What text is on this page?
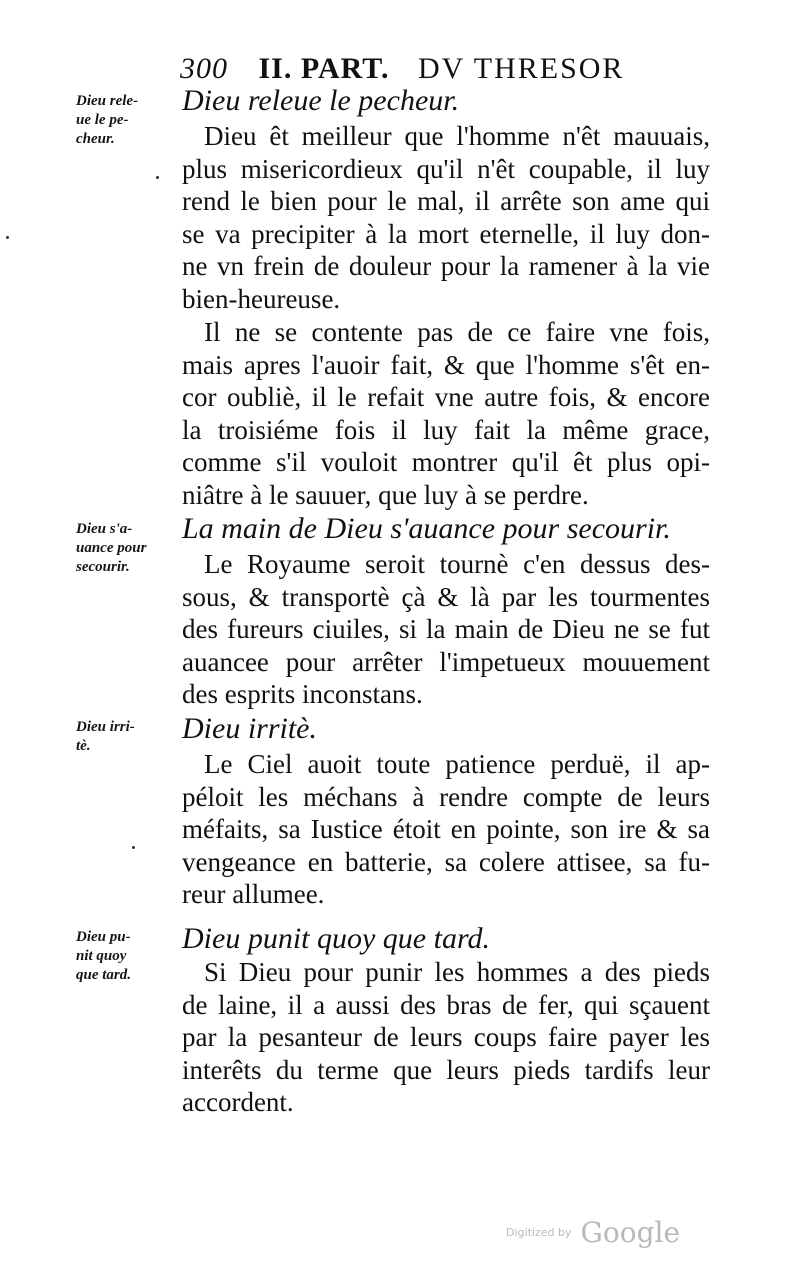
300 II. PART. DV THRESOR
Dieu rele-
ue le pe-
cheur.
Dieu releue le pecheur.
Dieu êt meilleur que l'homme n'êt mauuais,
plus misericordieux qu'il n'êt coupable, il luy
rend le bien pour le mal, il arrête son ame qui
se va precipiter à la mort eternelle, il luy don-
ne vn frein de douleur pour la ramener à la vie
bien-heureuse.
Il ne se contente pas de ce faire vne fois,
mais apres l'auoir fait, & que l'homme s'êt en-
cor oubliè, il le refait vne autre fois, & encore
la troisiéme fois il luy fait la même grace,
comme s'il vouloit montrer qu'il êt plus opi-
niâtre à le sauuer, que luy à se perdre.
Dieu s'a-
uance pour
secourir.
La main de Dieu s'auance pour secourir.
Le Royaume seroit tournè c'en dessus des-
sous, & transportè çà & là par les tourmentes
des fureurs ciuiles, si la main de Dieu ne se fut
auancee pour arrêter l'impetueux mouuement
des esprits inconstans.
Dieu irri-
tè.
Dieu irritè.
Le Ciel auoit toute patience perduë, il ap-
péloit les méchans à rendre compte de leurs
méfaits, sa Iustice étoit en pointe, son ire & sa
vengeance en batterie, sa colere attisee, sa fu-
reur allumee.
Dieu pu-
nit quoy
que tard.
Dieu punit quoy que tard.
Si Dieu pour punir les hommes a des pieds
de laine, il a aussi des bras de fer, qui sçauent
par la pesanteur de leurs coups faire payer les
interêts du terme que leurs pieds tardifs leur
accordent.
Digitized by Google
